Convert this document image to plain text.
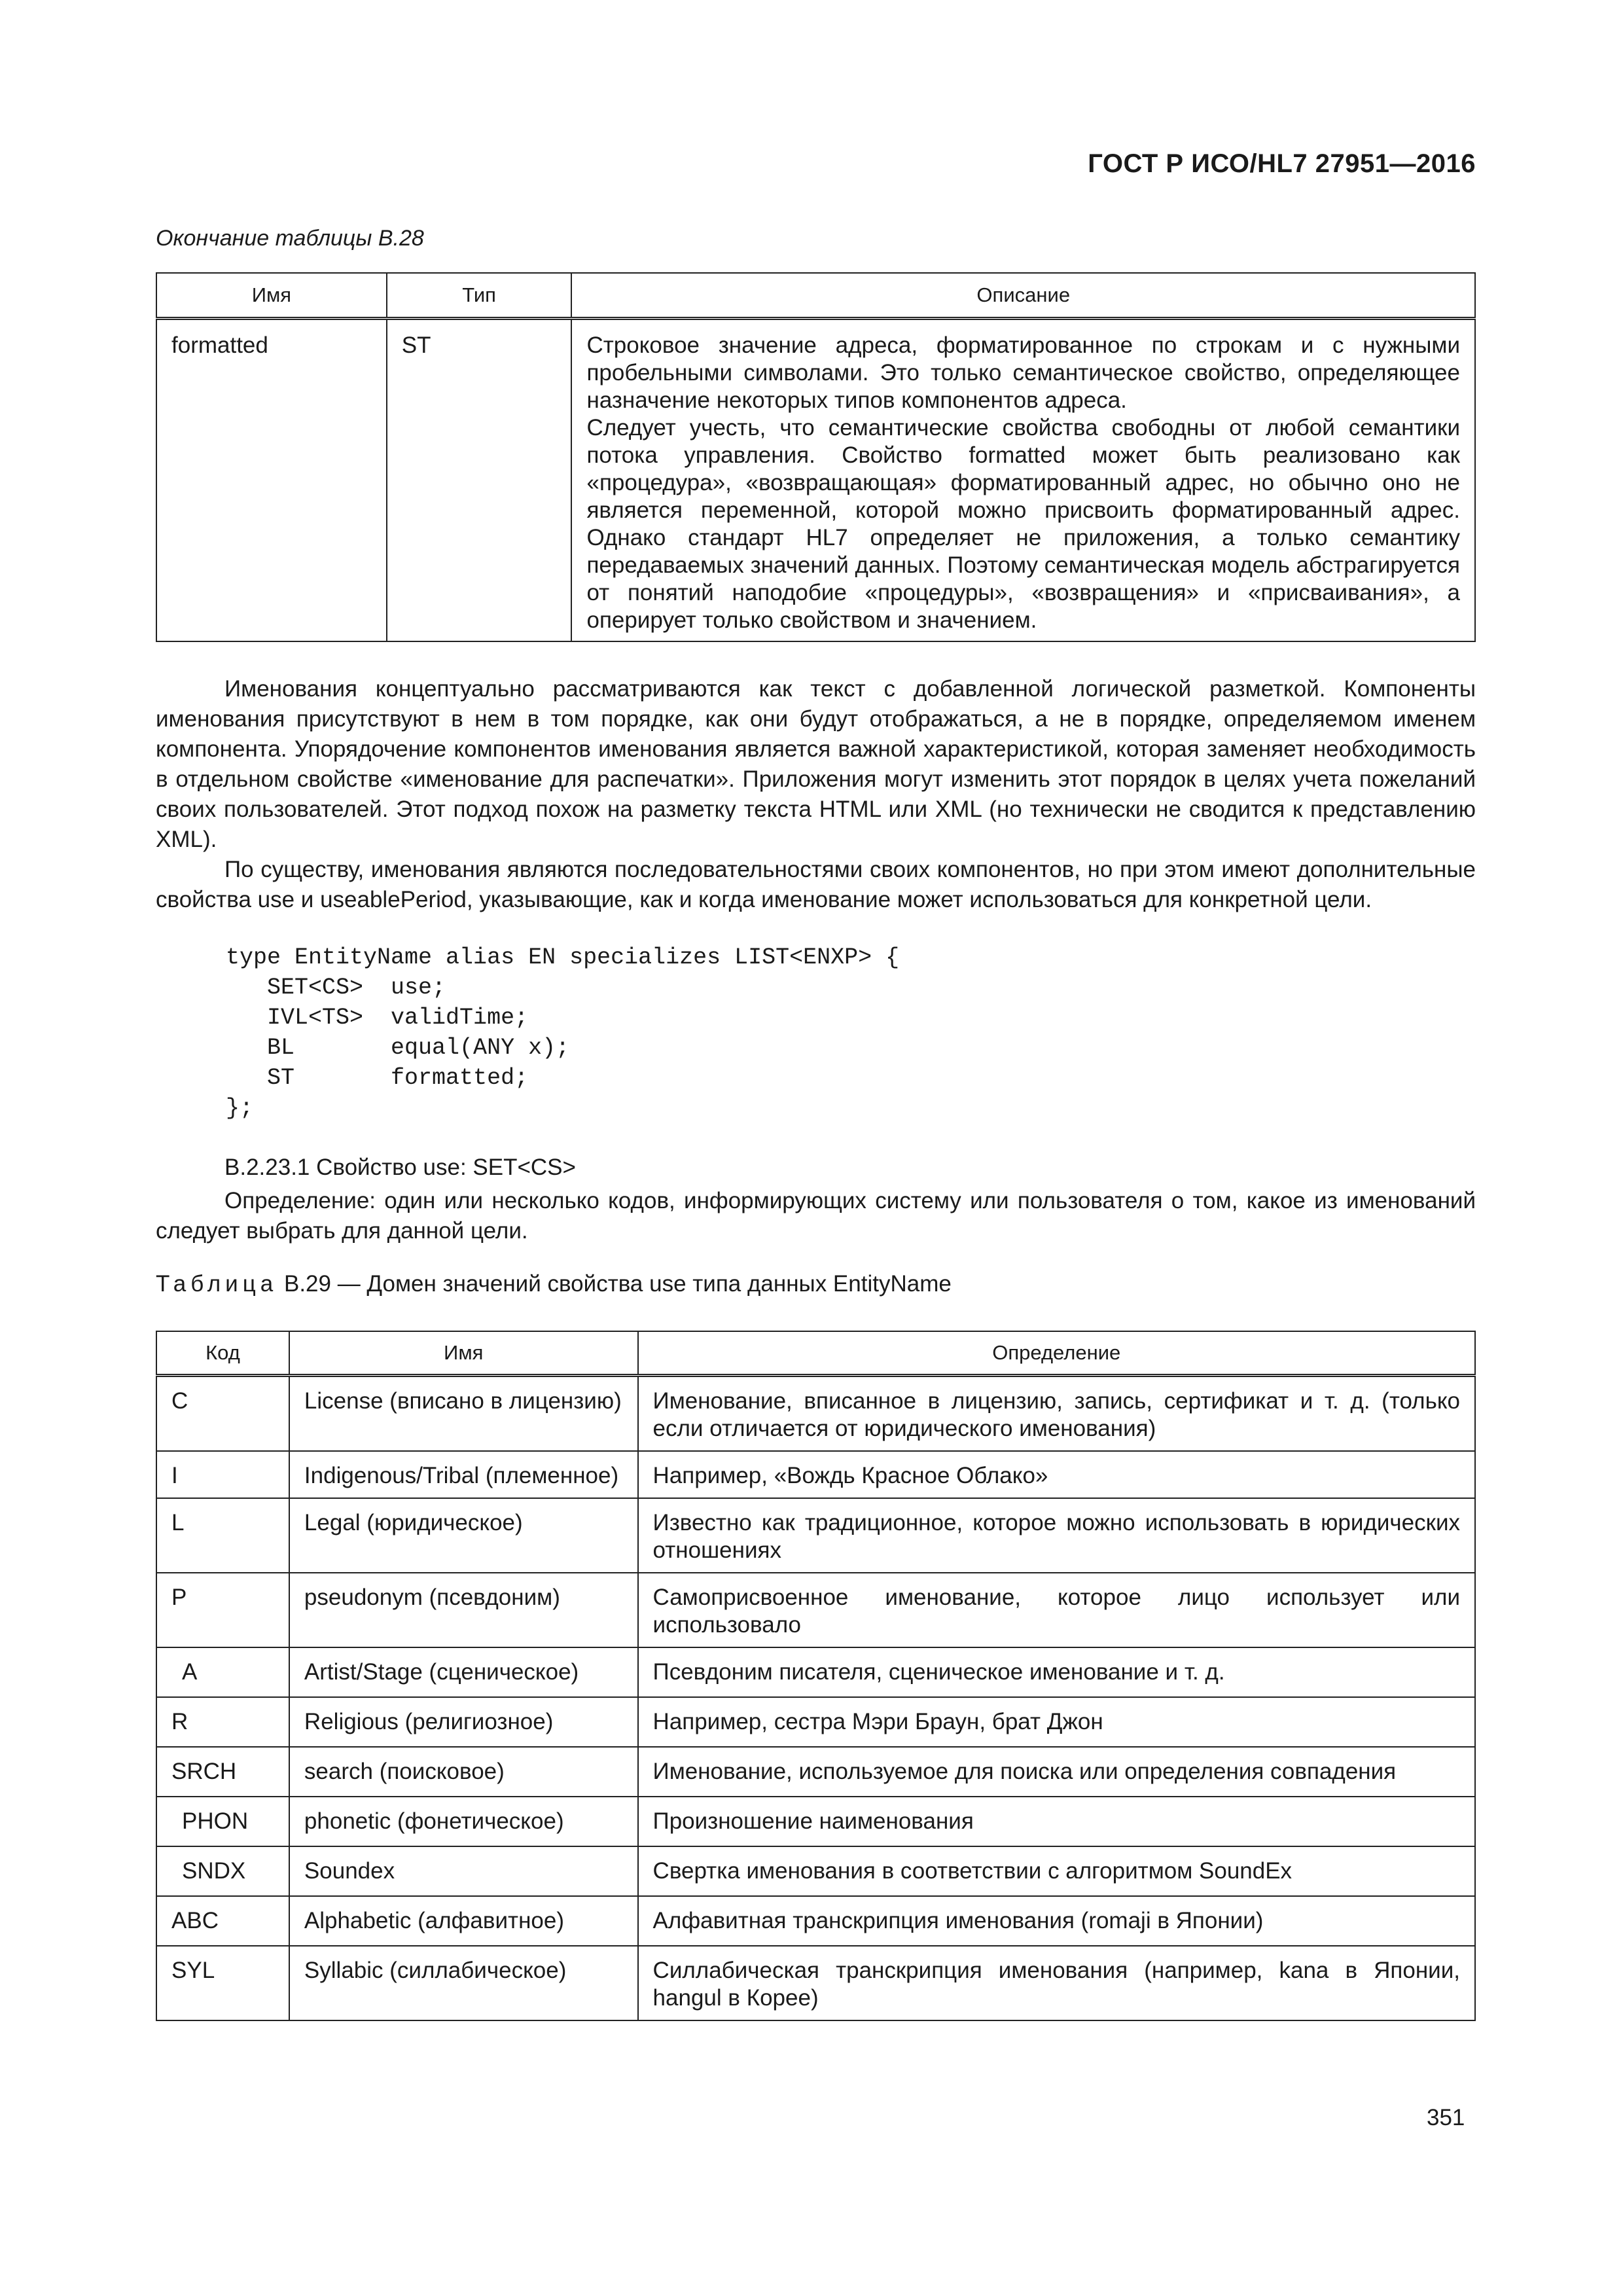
ГОСТ Р ИСО/HL7 27951—2016
Окончание таблицы В.28
Имя	Тип	Описание
formatted	ST	Строковое значение адреса, форматированное по строкам и с нужными пробельными символами. Это только семантическое свойство, определяющее назначение некоторых типов компонентов адреса.
Следует учесть, что семантические свойства свободны от любой семантики потока управления. Свойство formatted может быть реализовано как «процедура», «возвращающая» форматированный адрес, но обычно оно не является переменной, которой можно присвоить форматированный адрес. Однако стандарт HL7 определяет не приложения, а только семантику передаваемых значений данных. Поэтому семантическая модель абстрагируется от понятий наподобие «процедуры», «возвращения» и «присваивания», а оперирует только свойством и значением.

Именования концептуально рассматриваются как текст с добавленной логической разметкой. Компоненты именования присутствуют в нем в том порядке, как они будут отображаться, а не в порядке, определяемом именем компонента. Упорядочение компонентов именования является важной характеристикой, которая заменяет необходимость в отдельном свойстве «именование для распечатки». Приложения могут изменить этот порядок в целях учета пожеланий своих пользователей. Этот подход похож на разметку текста HTML или XML (но технически не сводится к представлению XML).

По существу, именования являются последовательностями своих компонентов, но при этом имеют дополнительные свойства use и useablePeriod, указывающие, как и когда именование может использоваться для конкретной цели.

type EntityName alias EN specializes LIST<ENXP> {
SET<CS>  use;
IVL<TS>  validTime;
BL       equal(ANY x);
ST       formatted;
};
В.2.23.1 Свойство use: SET<CS>
Определение: один или несколько кодов, информирующих систему или пользователя о том, какое из именований следует выбрать для данной цели.
Таблица В.29 — Домен значений свойства use типа данных EntityName
Код	Имя	Определение
C	License (вписано в лицензию)	Именование, вписанное в лицензию, запись, сертификат и т. д. (только если отличается от юридического именования)
I	Indigenous/Tribal (племенное)	Например, «Вождь Красное Облако»
L	Legal (юридическое)	Известно как традиционное, которое можно использовать в юридических отношениях
P	pseudonym (псевдоним)	Самоприсвоенное именование, которое лицо использует или использовало
A	Artist/Stage (сценическое)	Псевдоним писателя, сценическое именование и т. д.
R	Religious (религиозное)	Например, сестра Мэри Браун, брат Джон
SRCH	search (поисковое)	Именование, используемое для поиска или определения совпадения
PHON	phonetic (фонетическое)	Произношение наименования
SNDX	Soundex	Свертка именования в соответствии с алгоритмом SoundEx
ABC	Alphabetic (алфавитное)	Алфавитная транскрипция именования (romaji в Японии)
SYL	Syllabic (силлабическое)	Силлабическая транскрипция именования (например, kana в Японии, hangul в Корее)
351
